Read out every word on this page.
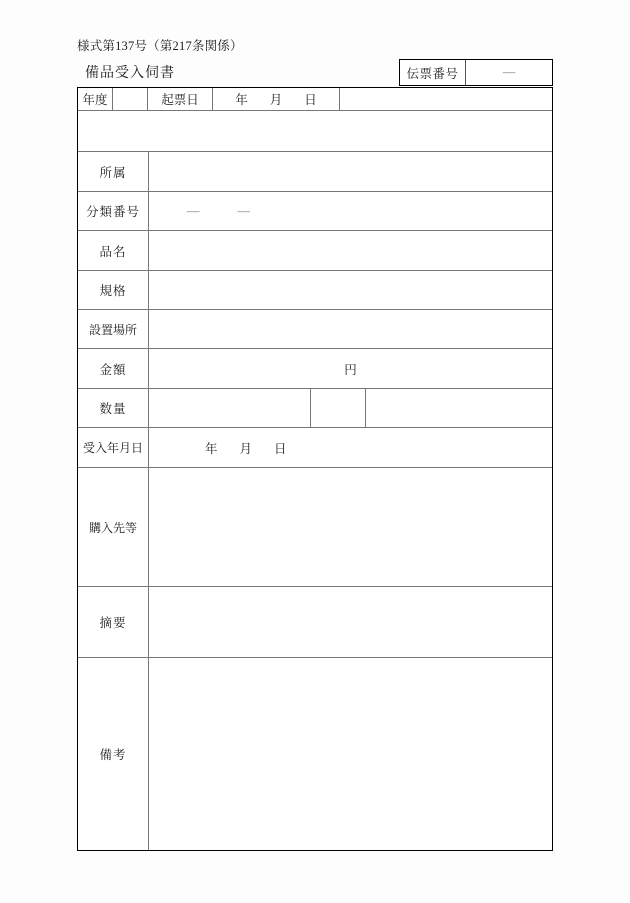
様式第137号（第217条関係）
備品受入伺書	伝票番号	—
年度	起票日	年 月 日
所属
分類番号	—	—
品名
規格
設置場所
金額	円
数量
受入年月日	年 月 日
購入先等
摘要
備考
